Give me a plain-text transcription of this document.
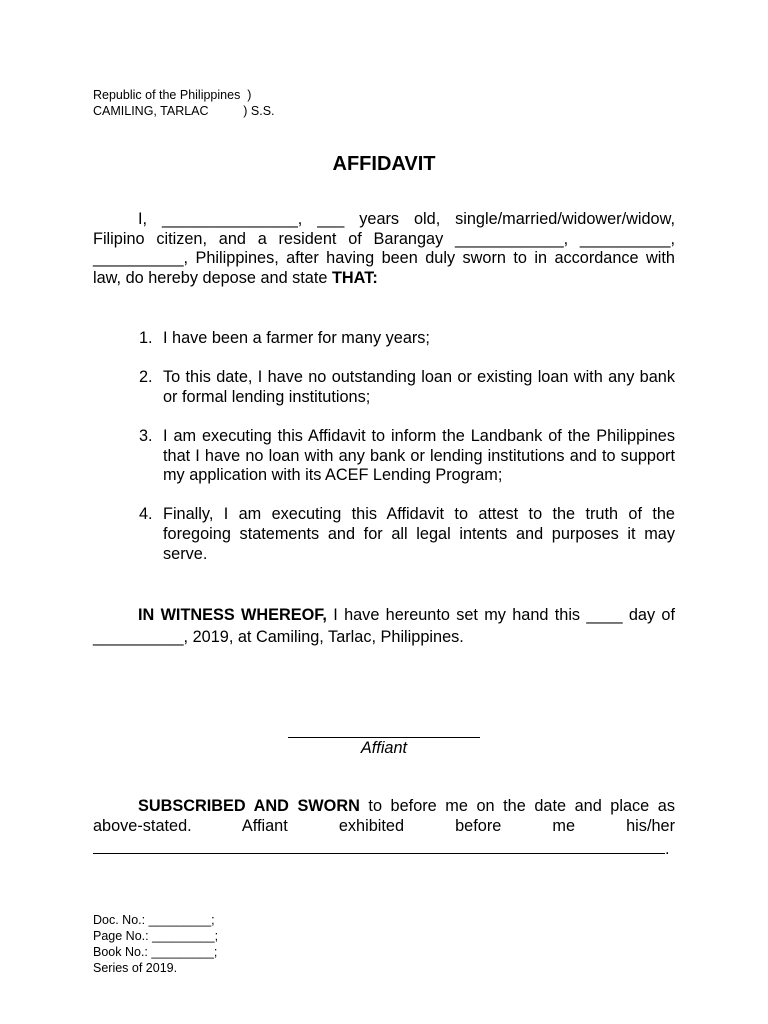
Republic of the Philippines  )
CAMILING, TARLAC          ) S.S.
AFFIDAVIT
I, _______________, ___ years old, single/married/widower/widow, Filipino citizen, and a resident of Barangay ____________, __________, __________, Philippines, after having been duly sworn to in accordance with law, do hereby depose and state THAT:
1. I have been a farmer for many years;
2. To this date, I have no outstanding loan or existing loan with any bank or formal lending institutions;
3. I am executing this Affidavit to inform the Landbank of the Philippines that I have no loan with any bank or lending institutions and to support my application with its ACEF Lending Program;
4. Finally, I am executing this Affidavit to attest to the truth of the foregoing statements and for all legal intents and purposes it may serve.
IN WITNESS WHEREOF, I have hereunto set my hand this ____ day of __________, 2019, at Camiling, Tarlac, Philippines.
Affiant
SUBSCRIBED AND SWORN to before me on the date and place as above-stated. Affiant exhibited before me his/her .
Doc. No.: _________;
Page No.: _________;
Book No.: _________;
Series of 2019.
